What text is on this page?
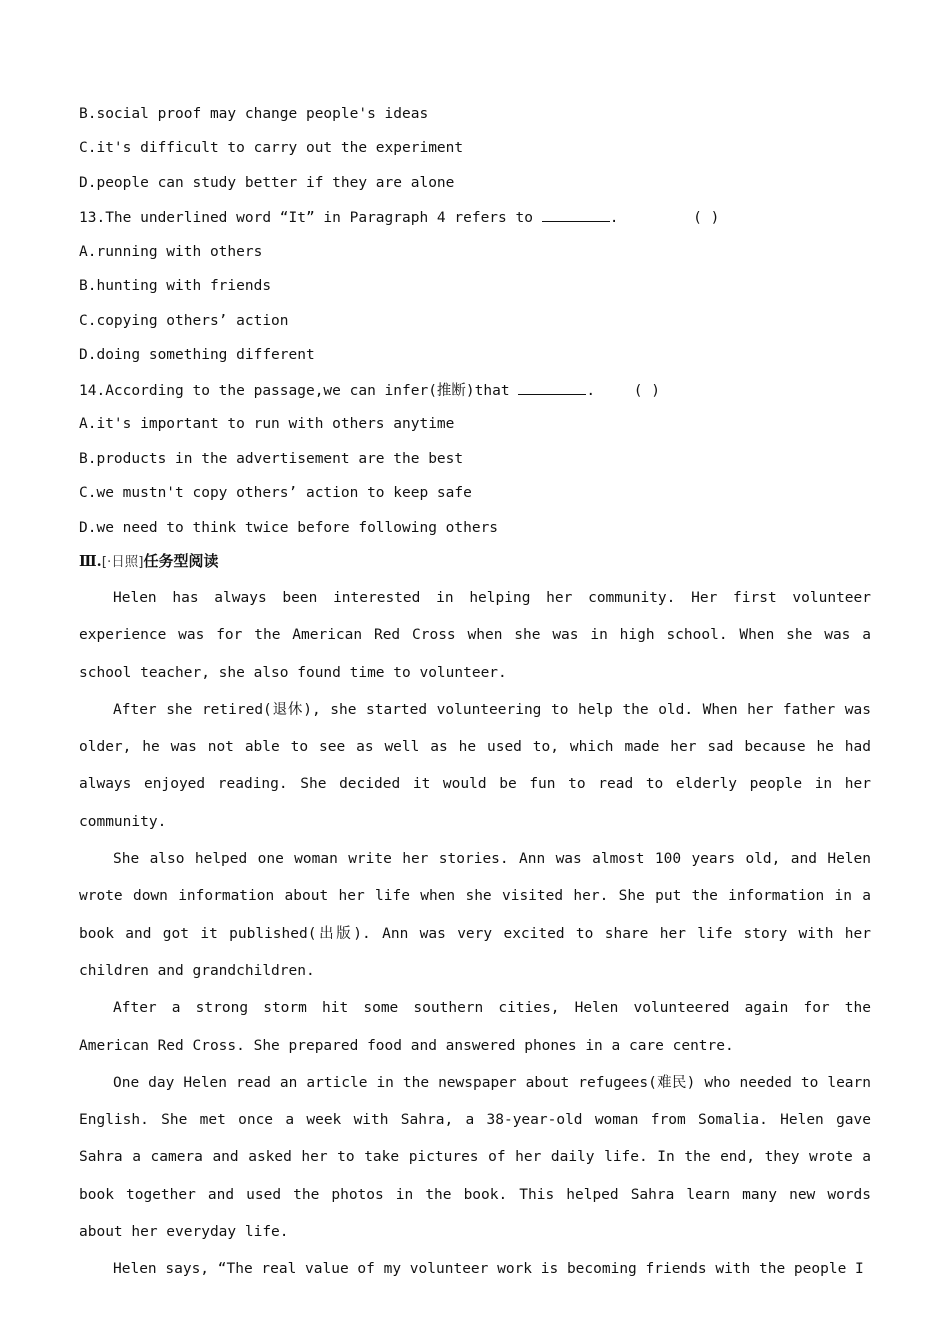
B.social proof may change people's ideas
C.it's difficult to carry out the experiment
D.people can study better if they are alone
13.The underlined word “It” in Paragraph 4 refers to	.	( )
A.running with others
B.hunting with friends
C.copying others’ action
D.doing something different
14.According to the passage,we can infer(推断)that	.	( )
A.it's important to run with others anytime
B.products in the advertisement are the best
C.we mustn't copy others’ action to keep safe
D.we need to think twice before following others
Ⅲ.[·日照]任务型阅读

Helen has always been interested in helping her community. Her first volunteer experience was for the American Red Cross when she was in high school. When she was a school teacher, she also found time to volunteer.

After she retired(退休), she started volunteering to help the old. When her father was older, he was not able to see as well as he used to, which made her sad because he had always enjoyed reading. She decided it would be fun to read to elderly people in her community.

She also helped one woman write her stories. Ann was almost 100 years old, and Helen wrote down information about her life when she visited her. She put the information in a book and got it published(出版). Ann was very excited to share her life story with her children and grandchildren.

After a strong storm hit some southern cities, Helen volunteered again for the American Red Cross. She prepared food and answered phones in a care centre.

One day Helen read an article in the newspaper about refugees(难民) who needed to learn English. She met once a week with Sahra, a 38-year-old woman from Somalia. Helen gave Sahra a camera and asked her to take pictures of her daily life. In the end, they wrote a book together and used the photos in the book. This helped Sahra learn many new words about her everyday life.

Helen says, “The real value of my volunteer work is becoming friends with the people I
